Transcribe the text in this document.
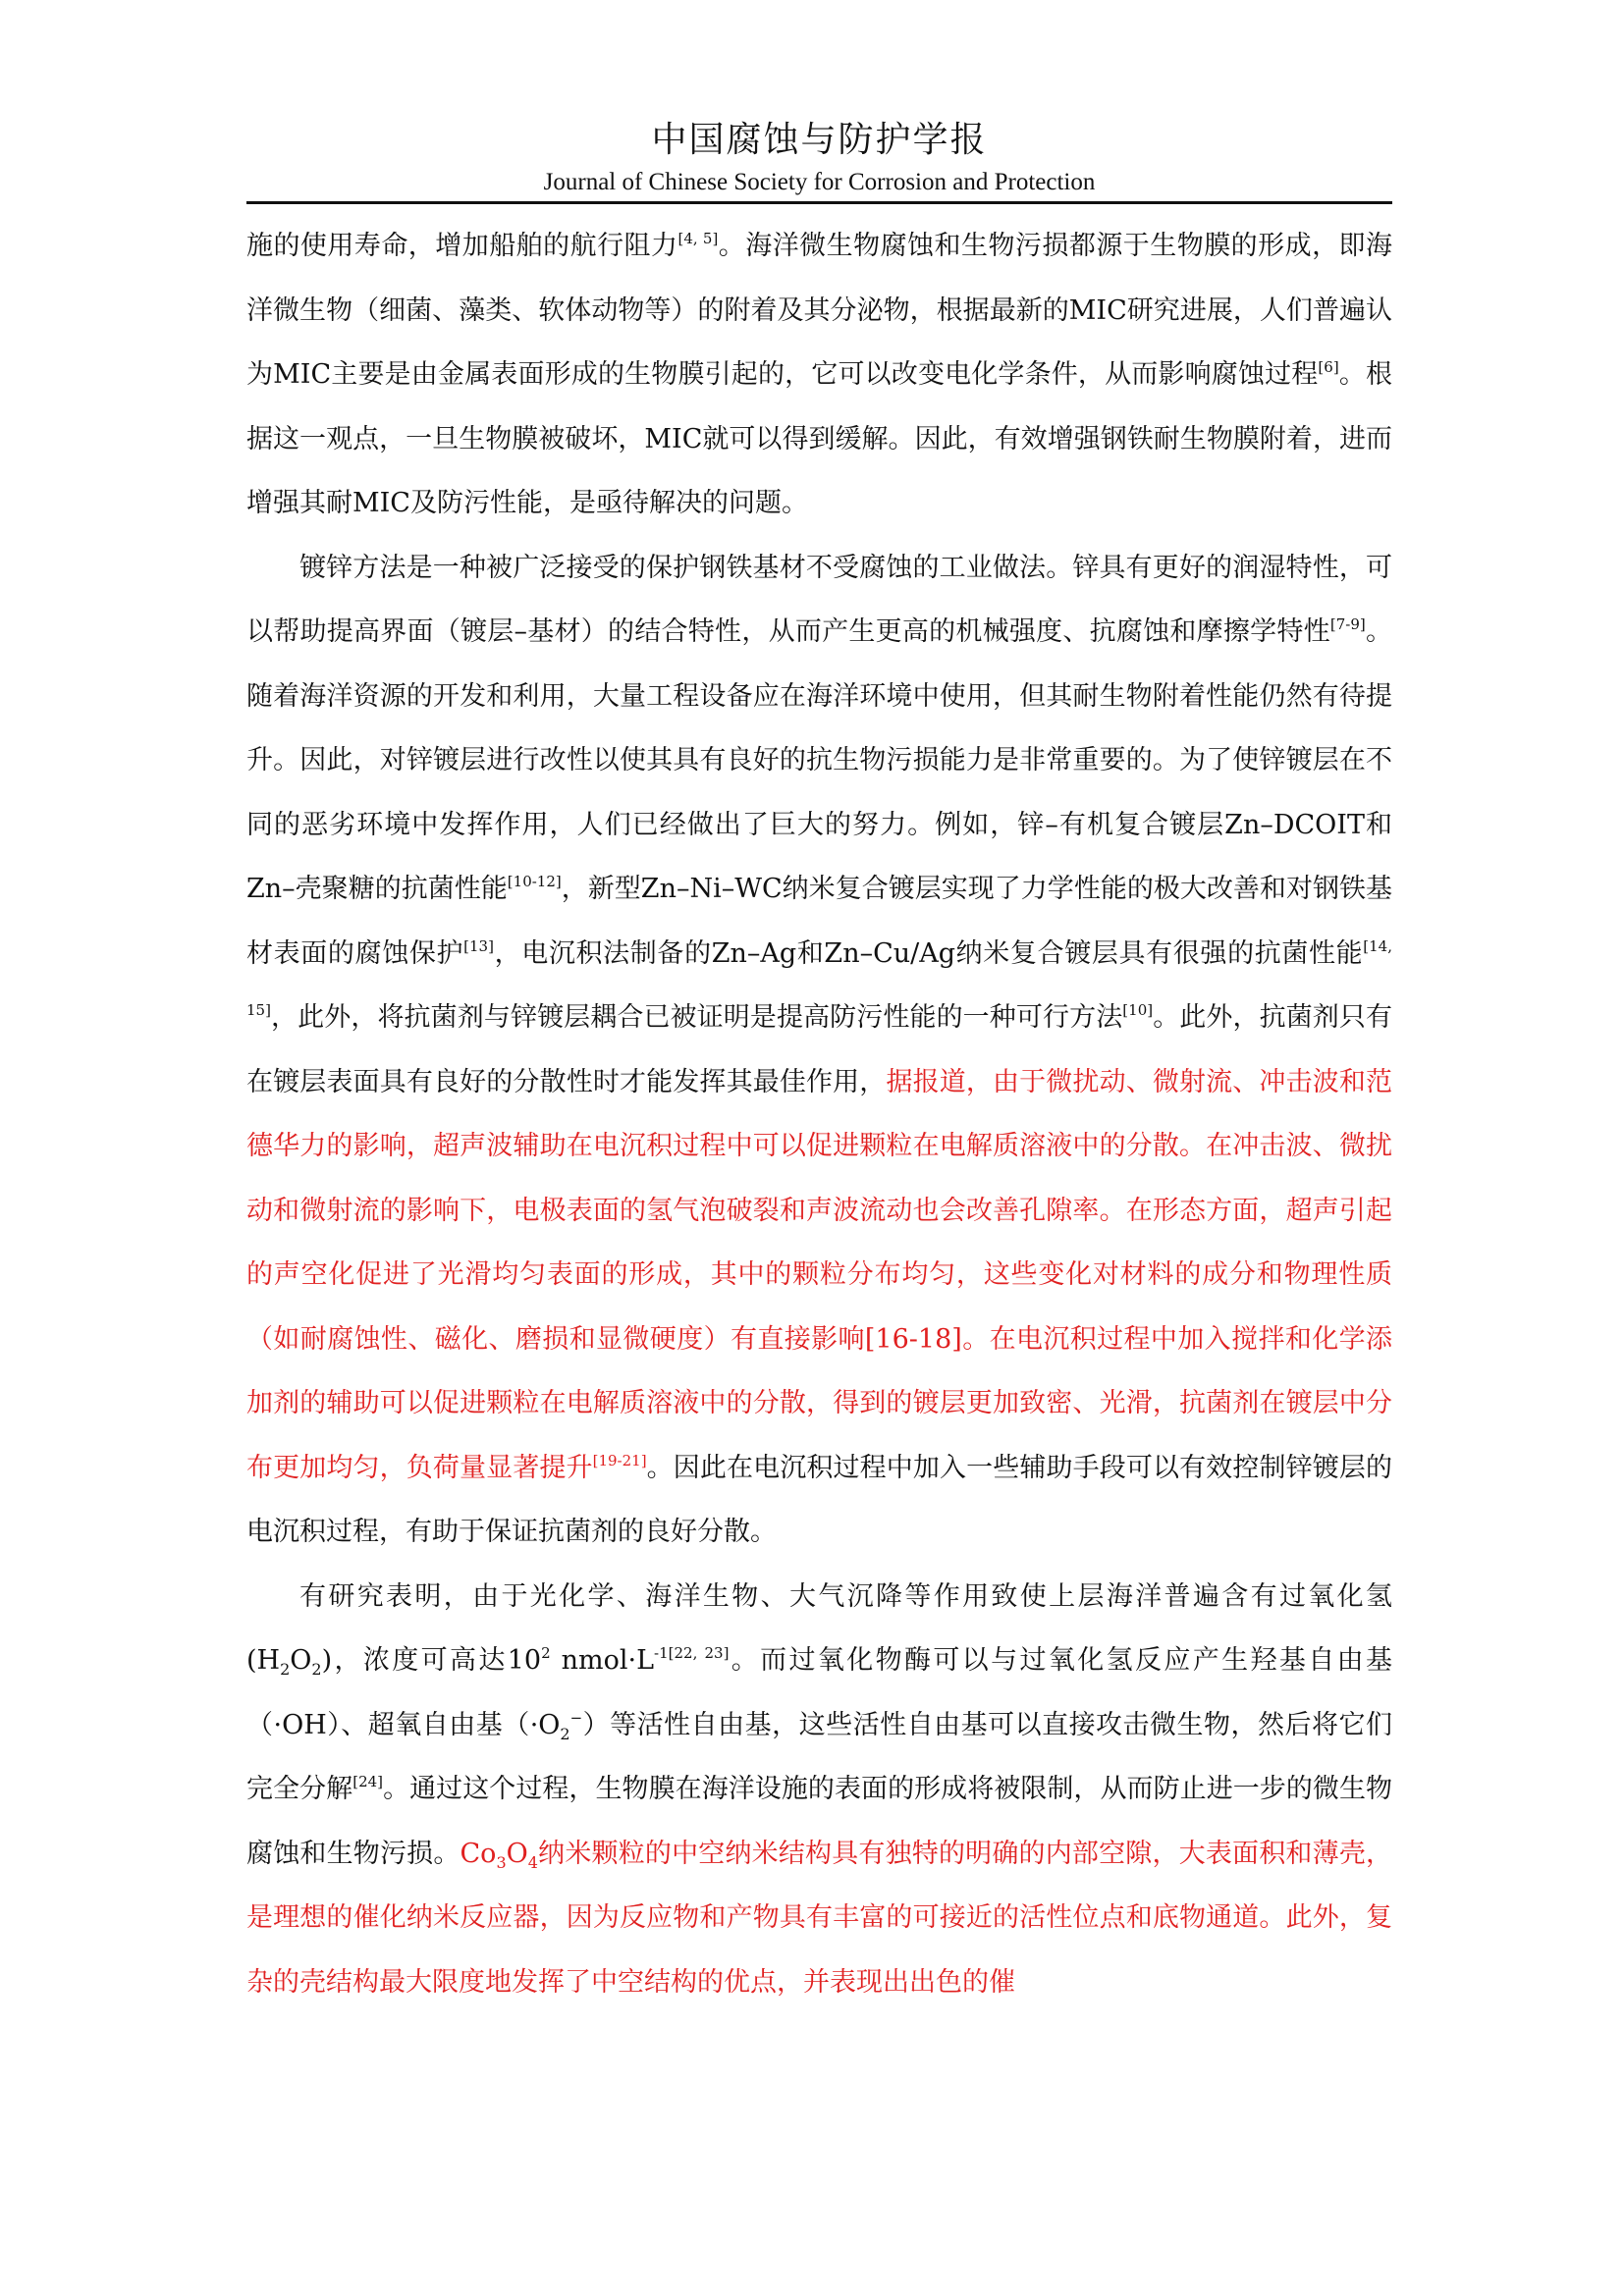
中国腐蚀与防护学报
Journal of Chinese Society for Corrosion and Protection

施的使用寿命，增加船舶的航行阻力[4, 5]。海洋微生物腐蚀和生物污损都源于生物膜的形成，即海洋微生物（细菌、藻类、软体动物等）的附着及其分泌物，根据最新的MIC研究进展，人们普遍认为MIC主要是由金属表面形成的生物膜引起的，它可以改变电化学条件，从而影响腐蚀过程[6]。根据这一观点，一旦生物膜被破坏，MIC就可以得到缓解。因此，有效增强钢铁耐生物膜附着，进而增强其耐MIC及防污性能，是亟待解决的问题。

镀锌方法是一种被广泛接受的保护钢铁基材不受腐蚀的工业做法。锌具有更好的润湿特性，可以帮助提高界面（镀层–基材）的结合特性，从而产生更高的机械强度、抗腐蚀和摩擦学特性[7-9]。随着海洋资源的开发和利用，大量工程设备应在海洋环境中使用，但其耐生物附着性能仍然有待提升。因此，对锌镀层进行改性以使其具有良好的抗生物污损能力是非常重要的。为了使锌镀层在不同的恶劣环境中发挥作用，人们已经做出了巨大的努力。例如，锌–有机复合镀层Zn–DCOIT和Zn–壳聚糖的抗菌性能[10-12]，新型Zn–Ni–WC纳米复合镀层实现了力学性能的极大改善和对钢铁基材表面的腐蚀保护[13]，电沉积法制备的Zn–Ag和Zn–Cu/Ag纳米复合镀层具有很强的抗菌性能[14, 15]，此外，将抗菌剂与锌镀层耦合已被证明是提高防污性能的一种可行方法[10]。此外，抗菌剂只有在镀层表面具有良好的分散性时才能发挥其最佳作用，据报道，由于微扰动、微射流、冲击波和范德华力的影响，超声波辅助在电沉积过程中可以促进颗粒在电解质溶液中的分散。在冲击波、微扰动和微射流的影响下，电极表面的氢气泡破裂和声波流动也会改善孔隙率。在形态方面，超声引起的声空化促进了光滑均匀表面的形成，其中的颗粒分布均匀，这些变化对材料的成分和物理性质（如耐腐蚀性、磁化、磨损和显微硬度）有直接影响[16-18]。在电沉积过程中加入搅拌和化学添加剂的辅助可以促进颗粒在电解质溶液中的分散，得到的镀层更加致密、光滑，抗菌剂在镀层中分布更加均匀，负荷量显著提升[19-21]。因此在电沉积过程中加入一些辅助手段可以有效控制锌镀层的电沉积过程，有助于保证抗菌剂的良好分散。

有研究表明，由于光化学、海洋生物、大气沉降等作用致使上层海洋普遍含有过氧化氢$(H_2O_2)$，浓度可高达$10^2$ $nmol\cdot L^{-1[22, 23]}$。而过氧化物酶可以与过氧化氢反应产生羟基自由基（·OH）、超氧自由基$(\cdot O_2^-)$等活性自由基，这些活性自由基可以直接攻击微生物，然后将它们完全分解[24]。通过这个过程，生物膜在海洋设施的表面的形成将被限制，从而防止进一步的微生物腐蚀和生物污损。$Co_3O_4$纳米颗粒的中空纳米结构具有独特的明确的内部空隙，大表面积和薄壳，是理想的催化纳米反应器，因为反应物和产物具有丰富的可接近的活性位点和底物通道。此外，复杂的壳结构最大限度地发挥了中空结构的优点，并表现出出色的催
